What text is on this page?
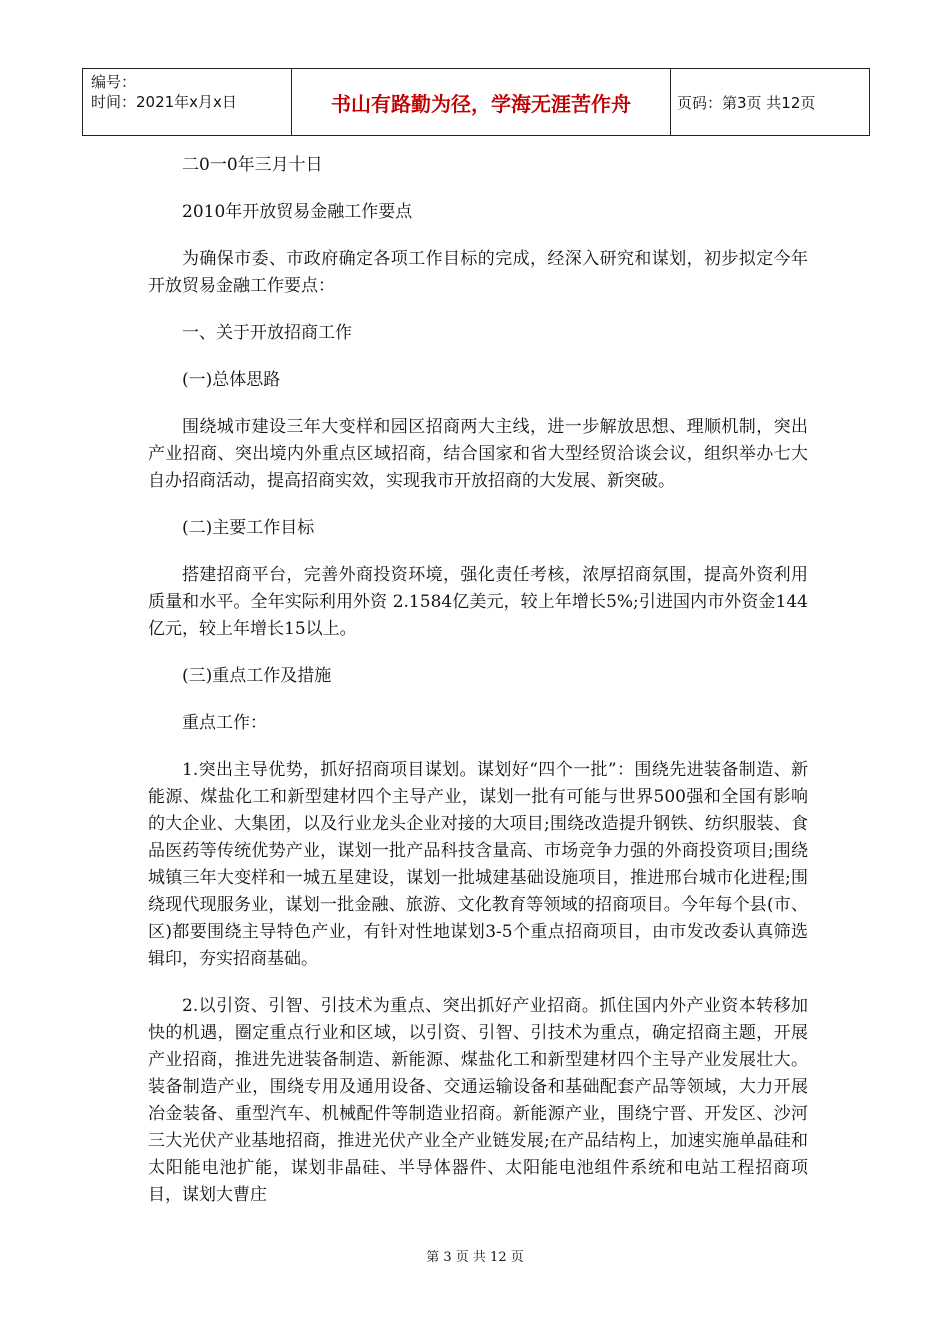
编号：
时间：2021年x月x日	书山有路勤为径，学海无涯苦作舟	页码：第3页 共12页

二0一0年三月十日

2010年开放贸易金融工作要点

为确保市委、市政府确定各项工作目标的完成，经深入研究和谋划，初步拟定今年开放贸易金融工作要点：

一、关于开放招商工作

(一)总体思路

围绕城市建设三年大变样和园区招商两大主线，进一步解放思想、理顺机制，突出产业招商、突出境内外重点区域招商，结合国家和省大型经贸洽谈会议，组织举办七大自办招商活动，提高招商实效，实现我市开放招商的大发展、新突破。

(二)主要工作目标

搭建招商平台，完善外商投资环境，强化责任考核，浓厚招商氛围，提高外资利用质量和水平。全年实际利用外资 2.1584亿美元，较上年增长5%;引进国内市外资金144亿元，较上年增长15以上。

(三)重点工作及措施

重点工作：

1.突出主导优势，抓好招商项目谋划。谋划好“四个一批”：围绕先进装备制造、新能源、煤盐化工和新型建材四个主导产业，谋划一批有可能与世界500强和全国有影响的大企业、大集团，以及行业龙头企业对接的大项目;围绕改造提升钢铁、纺织服装、食品医药等传统优势产业，谋划一批产品科技含量高、市场竞争力强的外商投资项目;围绕城镇三年大变样和一城五星建设，谋划一批城建基础设施项目，推进邢台城市化进程;围绕现代现服务业，谋划一批金融、旅游、文化教育等领域的招商项目。今年每个县(市、区)都要围绕主导特色产业，有针对性地谋划3-5个重点招商项目，由市发改委认真筛选辑印，夯实招商基础。

2.以引资、引智、引技术为重点、突出抓好产业招商。抓住国内外产业资本转移加快的机遇，圈定重点行业和区域，以引资、引智、引技术为重点，确定招商主题，开展产业招商，推进先进装备制造、新能源、煤盐化工和新型建材四个主导产业发展壮大。装备制造产业，围绕专用及通用设备、交通运输设备和基础配套产品等领域，大力开展冶金装备、重型汽车、机械配件等制造业招商。新能源产业，围绕宁晋、开发区、沙河三大光伏产业基地招商，推进光伏产业全产业链发展;在产品结构上，加速实施单晶硅和太阳能电池扩能，谋划非晶硅、半导体器件、太阳能电池组件系统和电站工程招商项目，谋划大曹庄

第 3 页 共 12 页
